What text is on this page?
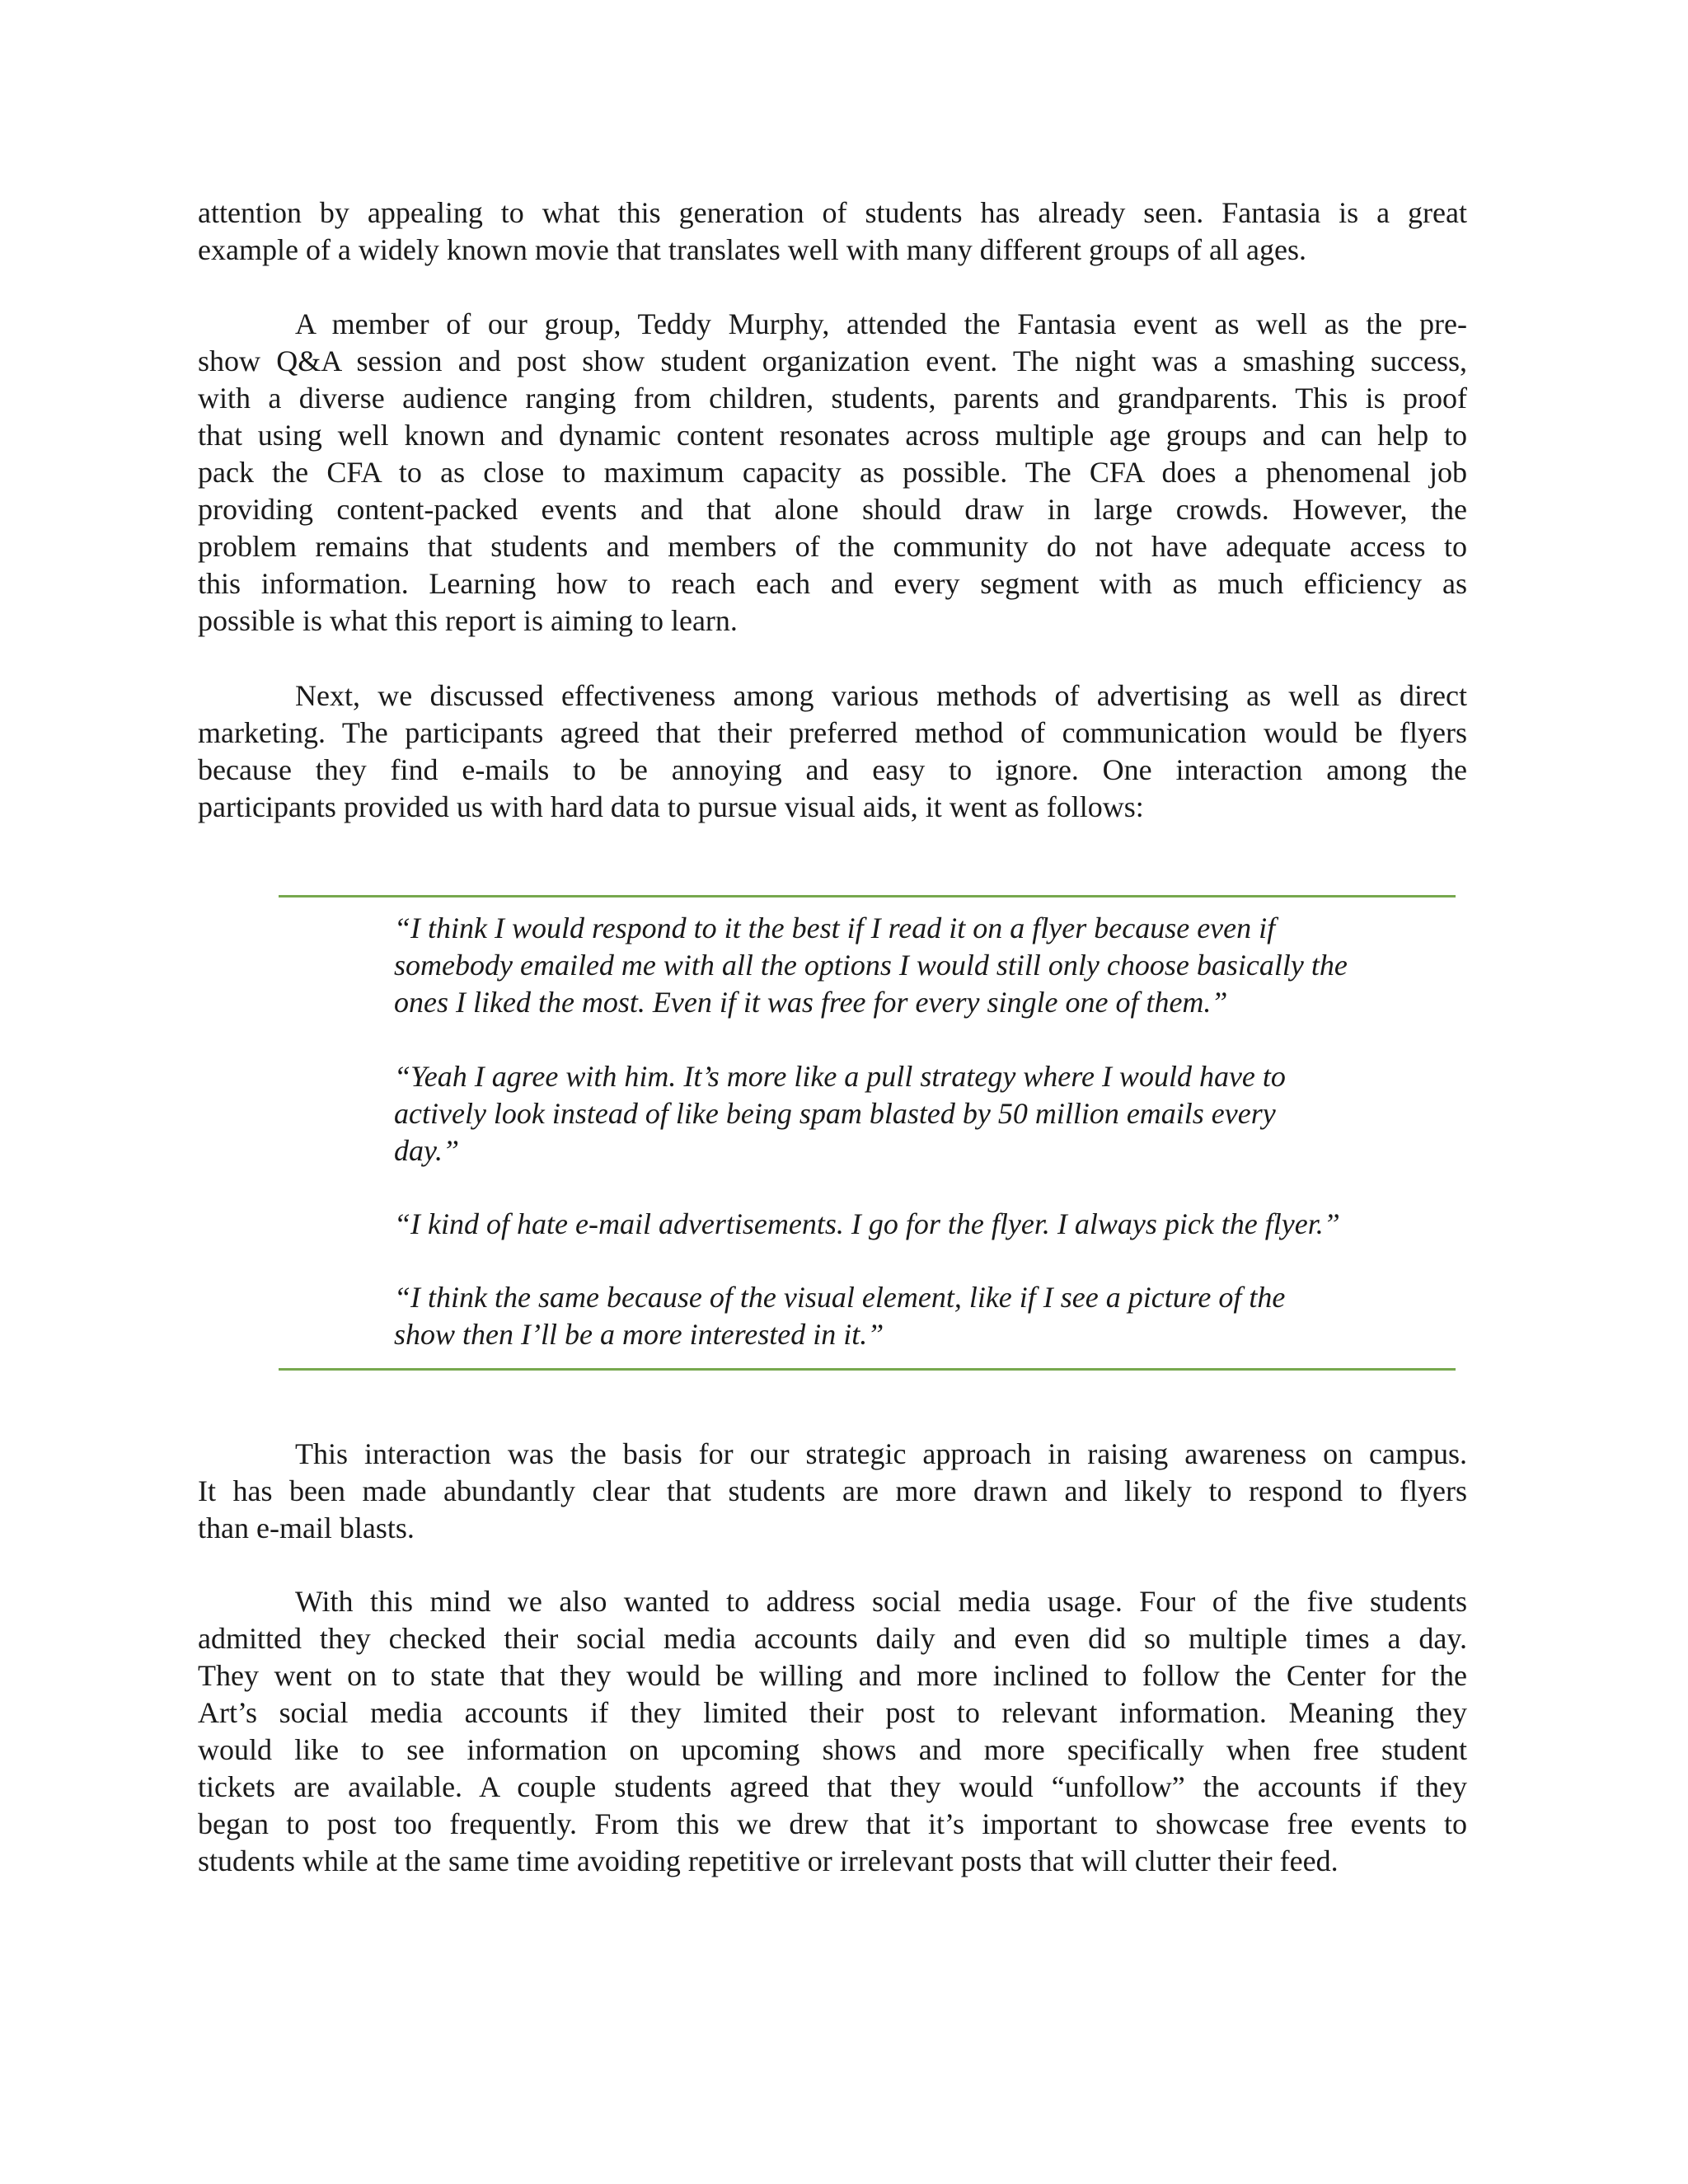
attention by appealing to what this generation of students has already seen. Fantasia is a great
example of a widely known movie that translates well with many different groups of all ages.
A member of our group, Teddy Murphy, attended the Fantasia event as well as the pre-
show Q&A session and post show student organization event. The night was a smashing success,
with a diverse audience ranging from children, students, parents and grandparents. This is proof
that using well known and dynamic content resonates across multiple age groups and can help to
pack the CFA to as close to maximum capacity as possible. The CFA does a phenomenal job
providing content-packed events and that alone should draw in large crowds. However, the
problem remains that students and members of the community do not have adequate access to
this information. Learning how to reach each and every segment with as much efficiency as
possible is what this report is aiming to learn.
Next, we discussed effectiveness among various methods of advertising as well as direct
marketing. The participants agreed that their preferred method of communication would be flyers
because they find e-mails to be annoying and easy to ignore. One interaction among the
participants provided us with hard data to pursue visual aids, it went as follows:
“I think I would respond to it the best if I read it on a flyer because even if
somebody emailed me with all the options I would still only choose basically the
ones I liked the most. Even if it was free for every single one of them.”
“Yeah I agree with him. It’s more like a pull strategy where I would have to
actively look instead of like being spam blasted by 50 million emails every
day.”
“I kind of hate e-mail advertisements. I go for the flyer. I always pick the flyer.”
“I think the same because of the visual element, like if I see a picture of the
show then I’ll be a more interested in it.”
This interaction was the basis for our strategic approach in raising awareness on campus.
It has been made abundantly clear that students are more drawn and likely to respond to flyers
than e-mail blasts.
With this mind we also wanted to address social media usage. Four of the five students
admitted they checked their social media accounts daily and even did so multiple times a day.
They went on to state that they would be willing and more inclined to follow the Center for the
Art’s social media accounts if they limited their post to relevant information. Meaning they
would like to see information on upcoming shows and more specifically when free student
tickets are available. A couple students agreed that they would “unfollow” the accounts if they
began to post too frequently. From this we drew that it’s important to showcase free events to
students while at the same time avoiding repetitive or irrelevant posts that will clutter their feed.
